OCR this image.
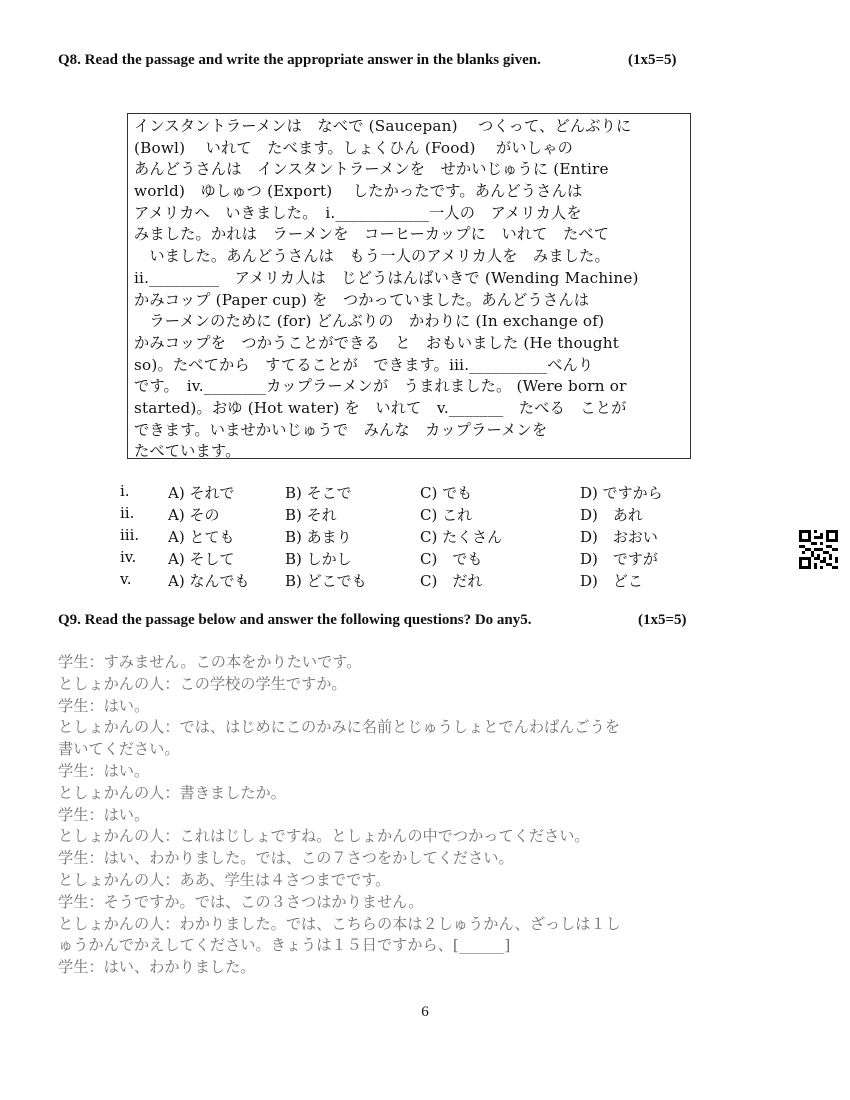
Q8. Read the passage and write the appropriate answer in the blanks given.	(1x5=5)
インスタントラーメンは　なべで (Saucepan)　 つくって、どんぶりに
(Bowl)　 いれて　たべます。しょくひん (Food)　 がいしゃの
あんどうさんは　インスタントラーメンを　せかいじゅうに (Entire
world)　ゆしゅつ (Export)　 したかったです。あんどうさんは
アメリカへ　いきました。　i.____________一人の　アメリカ人を
みました。かれは　ラーメンを　コーヒーカップに　いれて　たべて
　いました。あんどうさんは　もう一人のアメリカ人を　みました。
ii._________　アメリカ人は　じどうはんばいきで (Wending Machine)
かみコップ (Paper cup) を　つかっていました。あんどうさんは
　ラーメンのために (for) どんぶりの　かわりに (In exchange of)
かみコップを　つかうことができる　と　おもいました (He thought
so)。たべてから　すてることが　できます。iii.__________べんり
です。　iv.________カップラーメンが　うまれました。 (Were born or
started)。おゆ (Hot water) を　いれて　v._______　たべる　ことが
できます。いませかいじゅうで　みんな　カップラーメンを
たべています。
i.	A) それで	B) そこで	C) でも	D) ですから
ii. A) その	B) それ	C) これ	D)　あれ
iii. A) とても	B) あまり	C) たくさん	D)　おおい
iv. A) そして	B) しかし	C)　でも	D)　ですが
v. A) なんでも B) どこでも	C)　だれ	D)　どこ
Q9. Read the passage below and answer the following questions? Do any5.	(1x5=5)
学生：すみません。この本をかりたいです。
としょかんの人：この学校の学生ですか。
学生：はい。
としょかんの人：では、はじめにこのかみに名前とじゅうしょとでんわばんごうを
書いてください。
学生：はい。
としょかんの人：書きましたか。
学生：はい。
としょかんの人：これはじしょですね。としょかんの中でつかってください。
学生：はい、わかりました。では、この７さつをかしてください。
としょかんの人：ああ、学生は４さつまでです。
学生：そうですか。では、この３さつはかりません。
としょかんの人：わかりました。では、こちらの本は２しゅうかん、ざっしは１し
ゅうかんでかえしてください。きょうは１５日ですから、[______]
学生：はい、わかりました。
6
